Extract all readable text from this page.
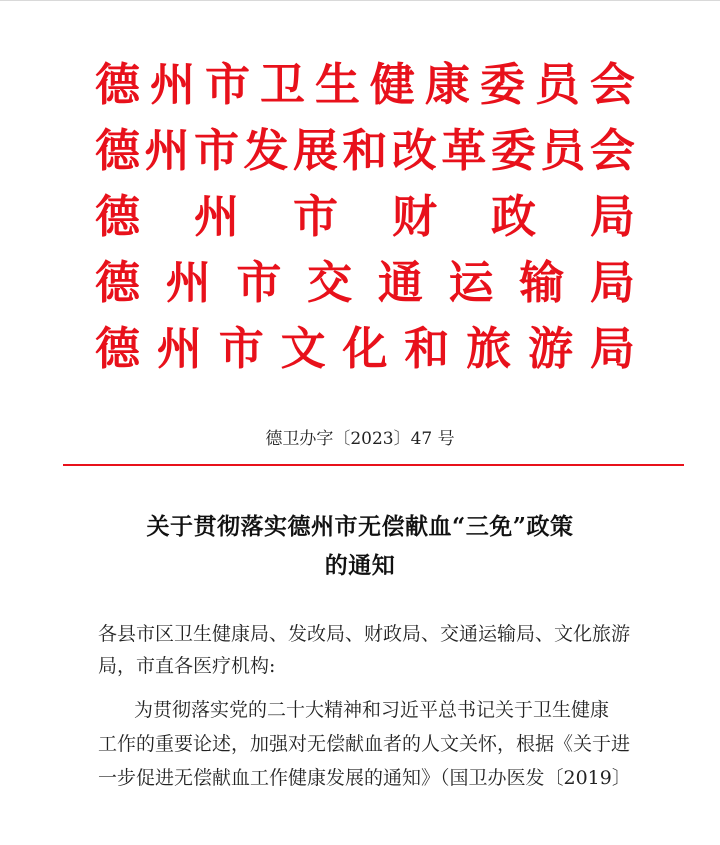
德 州 市 卫 生 健 康 委 员 会
德 州 市 发 展 和 改 革 委 员 会
德 州 市 财 政 局
德 州 市 交 通 运 输 局
德 州 市 文 化 和 旅 游 局
德卫办字〔2023〕47 号
关于贯彻落实德州市无偿献血“三免”政策
的通知
各县市区卫生健康局、发改局、财政局、交通运输局、文化旅游
局，市直各医疗机构:
为贯彻落实党的二十大精神和习近平总书记关于卫生健康
工作的重要论述，加强对无偿献血者的人文关怀，根据《关于进
一步促进无偿献血工作健康发展的通知》（国卫办医发〔2019〕
